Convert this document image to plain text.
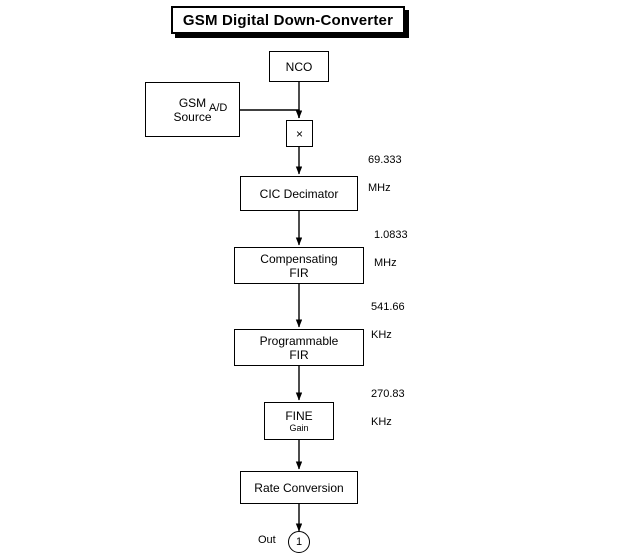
GSM Digital Down-Converter
NCO
GSM
Source
A/D
×
CIC Decimator
Compensating
FIR
Programmable
FIR
FINE
Gain
Rate Conversion
Out 1

69.333

MHz

1.0833

MHz

541.66

KHz

270.83

KHz
